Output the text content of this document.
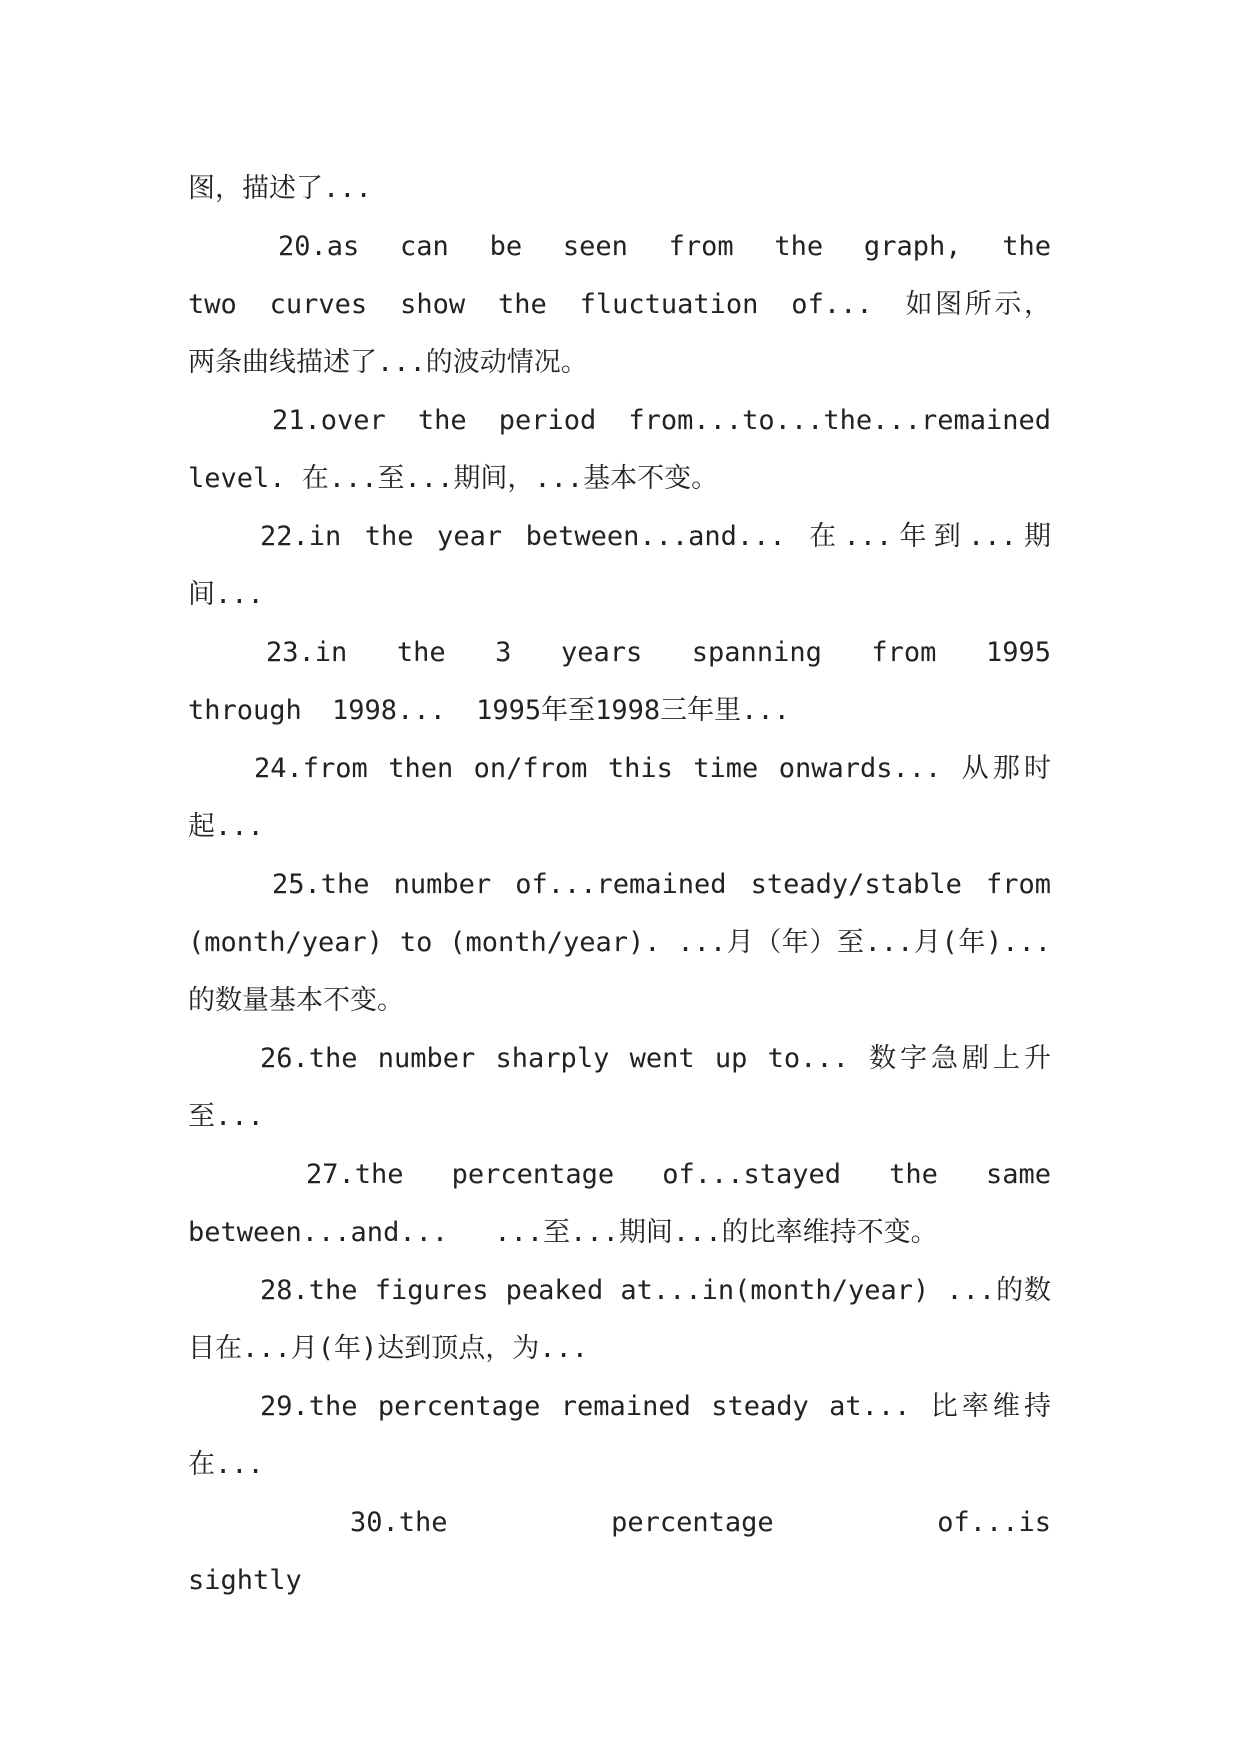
图，描述了...

20.as can be seen from the graph, the two curves show the fluctuation of... 如图所示，两条曲线描述了...的波动情况。

21.over the period from...to...the...remained level. 在...至...期间，...基本不变。

22.in the year between...and... 在...年到...期间...

23.in the 3 years spanning from 1995 through 1998... 1995年至1998三年里...

24.from then on/from this time onwards... 从那时起...

25.the number of...remained steady/stable from (month/year) to (month/year). ...月（年）至...月(年)...的数量基本不变。

26.the number sharply went up to... 数字急剧上升至...

27.the percentage of...stayed the same between...and... ...至...期间...的比率维持不变。

28.the figures peaked at...in(month/year) ...的数目在...月(年)达到顶点，为...

29.the percentage remained steady at... 比率维持在...

30.the percentage of...is sightly
